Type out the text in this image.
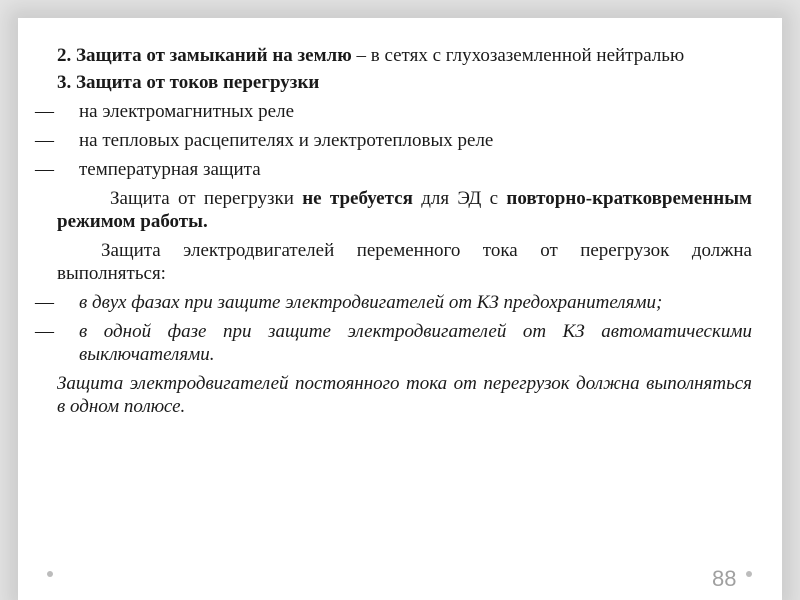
2. Защита от замыканий на землю – в сетях с глухозаземленной нейтралью

3. Защита от токов перегрузки

― на электромагнитных реле
― на тепловых расцепителях и электротепловых реле
― температурная защита

Защита от перегрузки не требуется для ЭД с повторно-кратковременным режимом работы.

Защита электродвигателей переменного тока от перегрузок должна выполняться:

― в двух фазах при защите электродвигателей от КЗ предохранителями;
― в одной фазе при защите электродвигателей от КЗ автоматическими выключателями.

Защита электродвигателей постоянного тока от перегрузок должна выполняться в одном полюсе.

88
